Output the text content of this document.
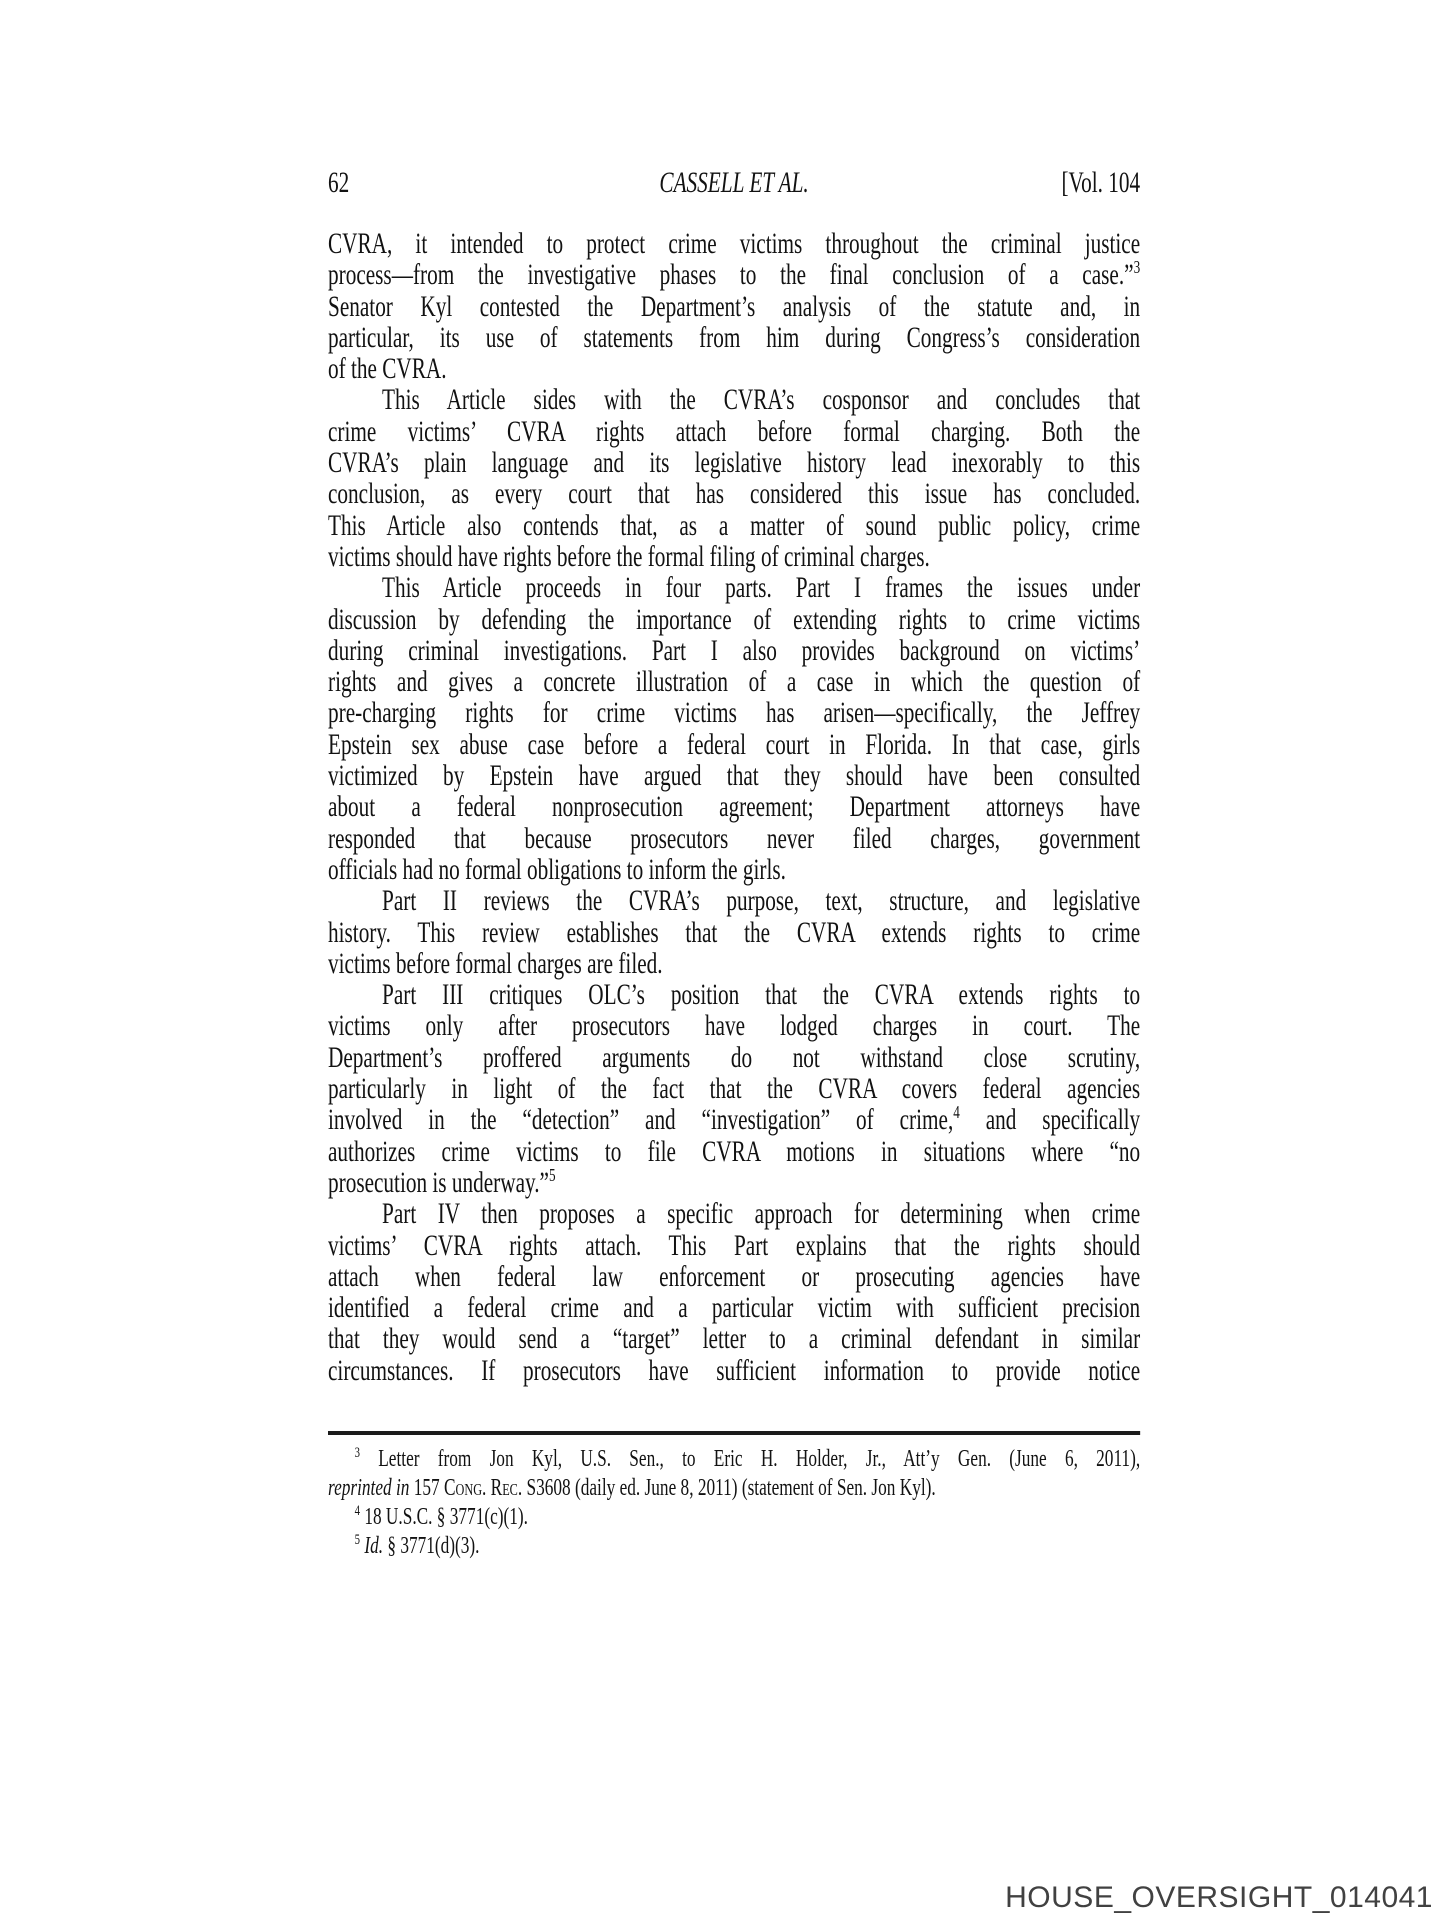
62	CASSELL ET AL.	[Vol. 104
CVRA, it intended to protect crime victims throughout the criminal justice
process—from the investigative phases to the final conclusion of a case.”$^3$
Senator Kyl contested the Department’s analysis of the statute and, in
particular, its use of statements from him during Congress’s consideration
of the CVRA.
This Article sides with the CVRA’s cosponsor and concludes that
crime victims’ CVRA rights attach before formal charging. Both the
CVRA’s plain language and its legislative history lead inexorably to this
conclusion, as every court that has considered this issue has concluded.
This Article also contends that, as a matter of sound public policy, crime
victims should have rights before the formal filing of criminal charges.
This Article proceeds in four parts. Part I frames the issues under
discussion by defending the importance of extending rights to crime victims
during criminal investigations. Part I also provides background on victims’
rights and gives a concrete illustration of a case in which the question of
pre-charging rights for crime victims has arisen—specifically, the Jeffrey
Epstein sex abuse case before a federal court in Florida. In that case, girls
victimized by Epstein have argued that they should have been consulted
about a federal nonprosecution agreement; Department attorneys have
responded that because prosecutors never filed charges, government
officials had no formal obligations to inform the girls.
Part II reviews the CVRA’s purpose, text, structure, and legislative
history. This review establishes that the CVRA extends rights to crime
victims before formal charges are filed.
Part III critiques OLC’s position that the CVRA extends rights to
victims only after prosecutors have lodged charges in court. The
Department’s proffered arguments do not withstand close scrutiny,
particularly in light of the fact that the CVRA covers federal agencies
involved in the “detection” and “investigation” of crime,$^4$ and specifically
authorizes crime victims to file CVRA motions in situations where “no
prosecution is underway.”$^5$
Part IV then proposes a specific approach for determining when crime
victims’ CVRA rights attach. This Part explains that the rights should
attach when federal law enforcement or prosecuting agencies have
identified a federal crime and a particular victim with sufficient precision
that they would send a “target” letter to a criminal defendant in similar
circumstances. If prosecutors have sufficient information to provide notice
$^3$ Letter from Jon Kyl, U.S. Sen., to Eric H. Holder, Jr., Att’y Gen. (June 6, 2011),
reprinted in 157 Cong. Rec. S3608 (daily ed. June 8, 2011) (statement of Sen. Jon Kyl).
$^4$ 18 U.S.C. § 3771(c)(1).
$^5$ Id. § 3771(d)(3).
HOUSE_OVERSIGHT_014041
